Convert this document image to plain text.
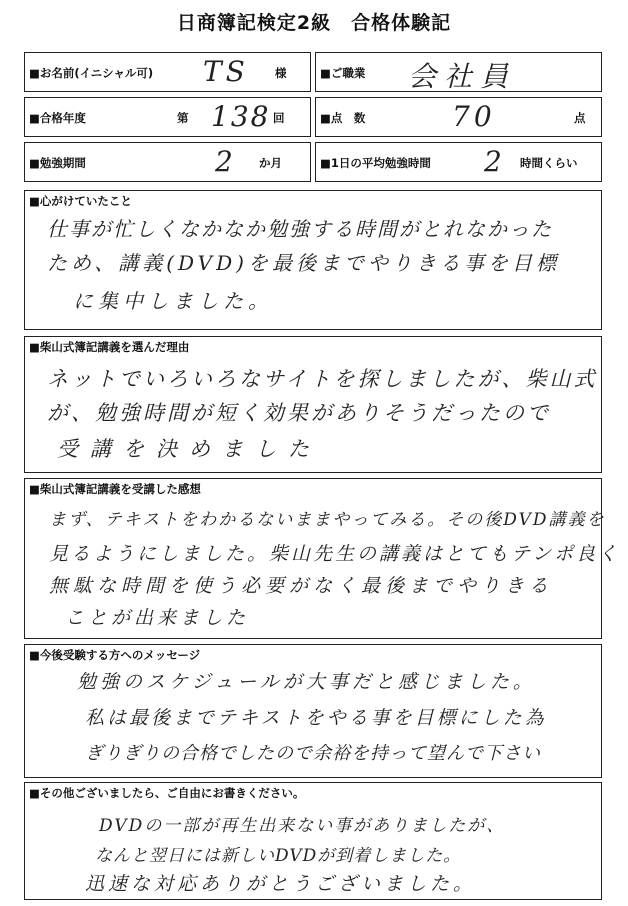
日商簿記検定2級　合格体験記
■お名前(イニシャル可) TS 様	■ご職業 会社員
■合格年度	第 138 回	■点　数	70	点
■勉強期間	2 か月	■1日の平均勉強時間 2 時間くらい
■心がけていたこと
仕事が忙しくなかなか勉強する時間がとれなかった
ため、講義(DVD)を最後までやりきる事を目標
に集中しました。
■柴山式簿記講義を選んだ理由
ネットでいろいろなサイトを探しましたが、柴山式
が、勉強時間が短く効果がありそうだったので
受講を決めました
■柴山式簿記講義を受講した感想
まず、テキストをわかるないままやってみる。その後DVD講義を
見るようにしました。柴山先生の講義はとてもテンポ良く
無駄な時間を使う必要がなく最後までやりきる
ことが出来ました
■今後受験する方へのメッセージ
勉強のスケジュールが大事だと感じました。
私は最後までテキストをやる事を目標にした為
ぎりぎりの合格でしたので余裕を持って望んで下さい
■その他ございましたら、ご自由にお書きください。
DVDの一部が再生出来ない事がありましたが、
なんと翌日には新しいDVDが到着しました。
迅速な対応ありがとうございました。
